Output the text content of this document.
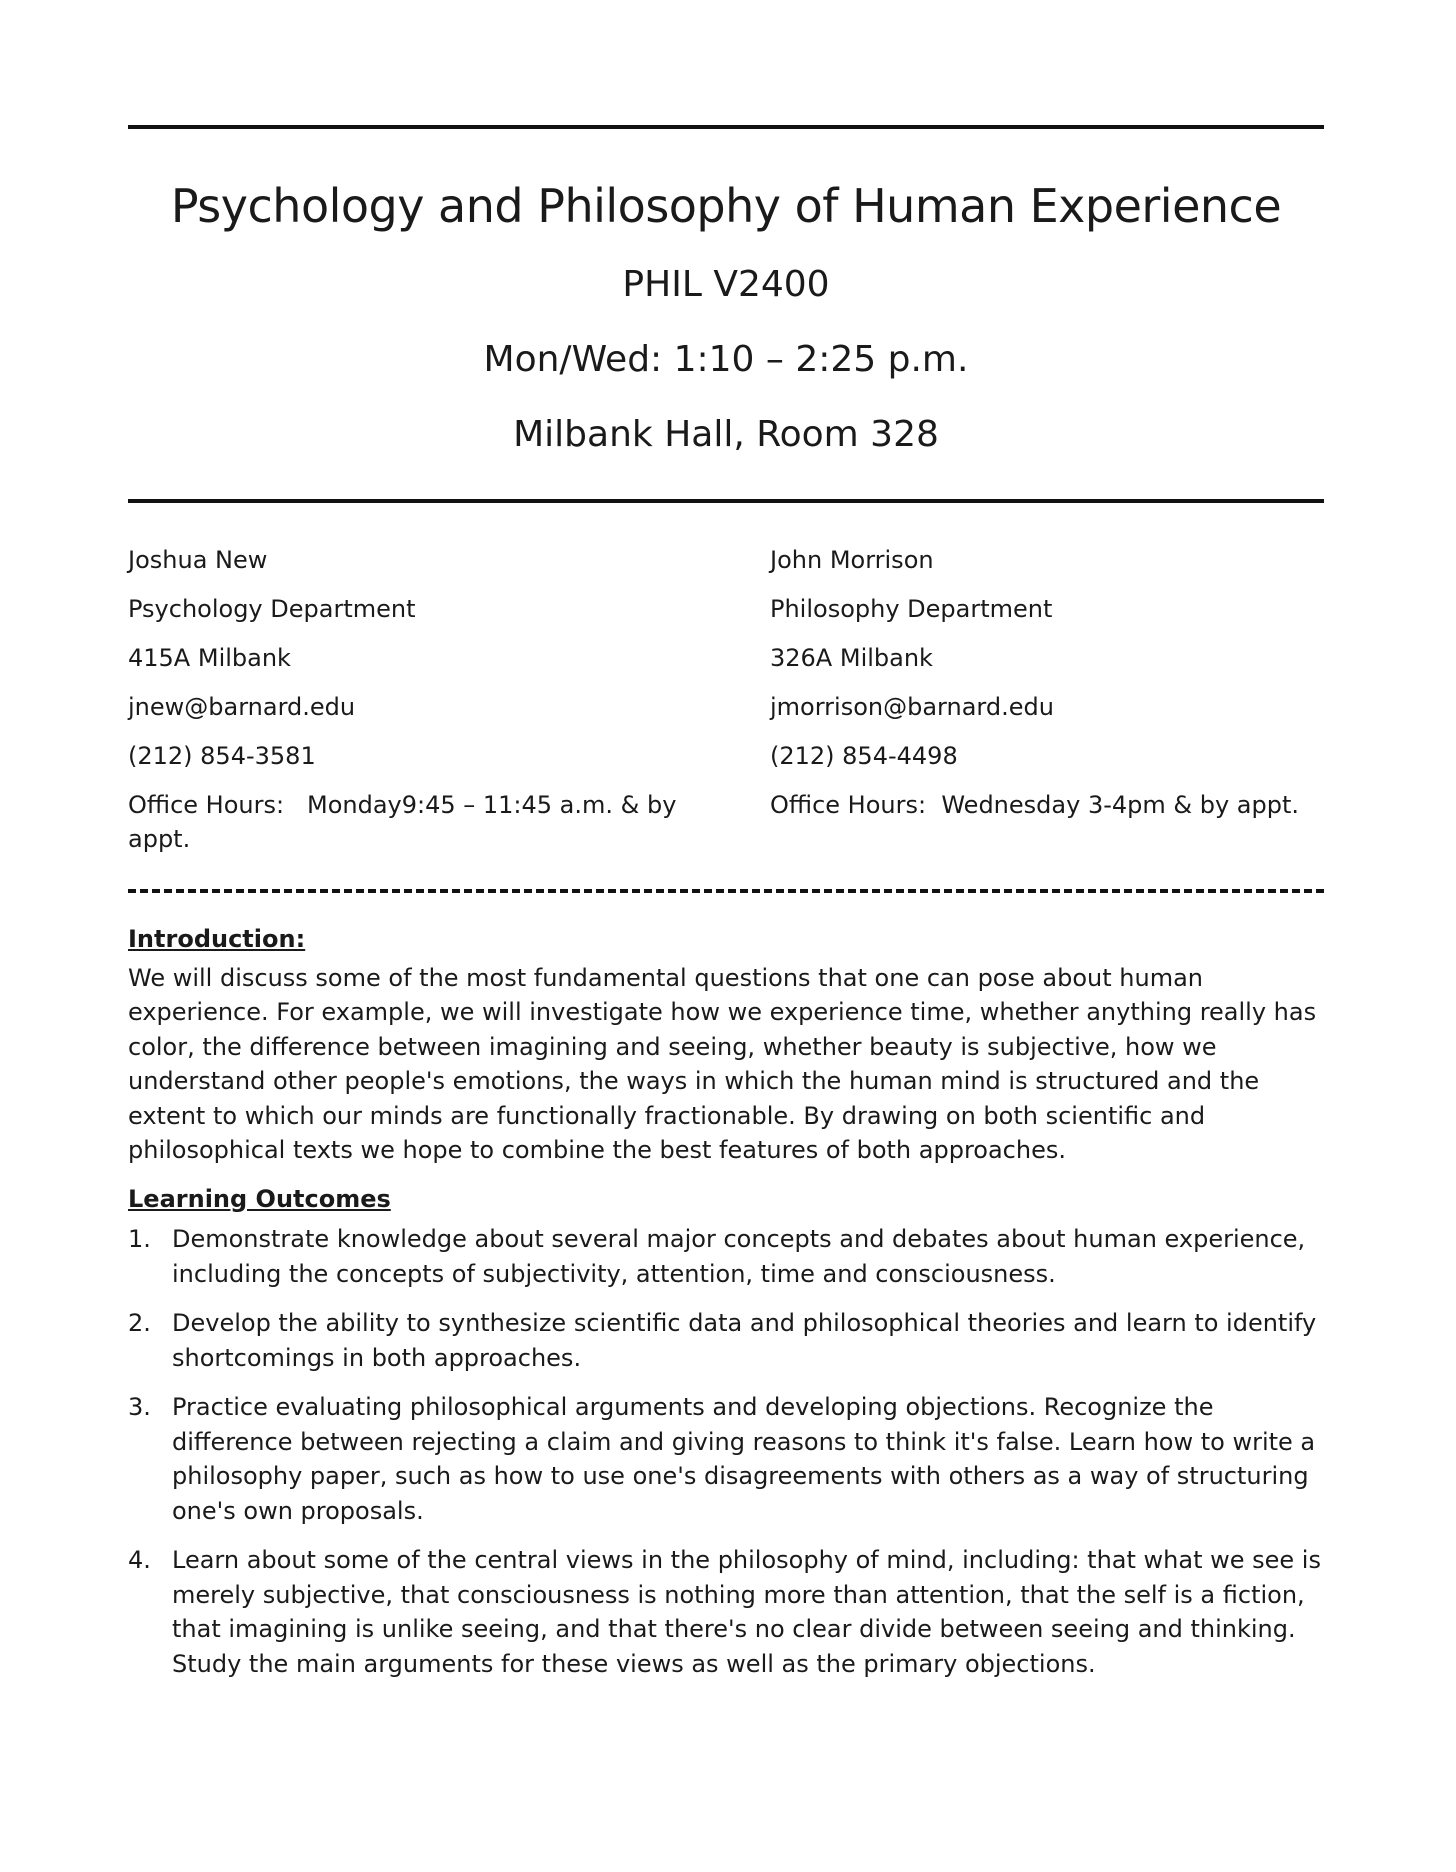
Psychology and Philosophy of Human Experience
PHIL V2400
Mon/Wed: 1:10 – 2:25 p.m.
Milbank Hall, Room 328
Joshua New
Psychology Department
415A Milbank
jnew@barnard.edu
(212) 854-3581
Office Hours: Monday9:45 – 11:45 a.m. & by appt.
John Morrison
Philosophy Department
326A Milbank
jmorrison@barnard.edu
(212) 854-4498
Office Hours: Wednesday 3-4pm & by appt.

Introduction:

We will discuss some of the most fundamental questions that one can pose about human experience. For example, we will investigate how we experience time, whether anything really has color, the difference between imagining and seeing, whether beauty is subjective, how we understand other people's emotions, the ways in which the human mind is structured and the extent to which our minds are functionally fractionable. By drawing on both scientific and philosophical texts we hope to combine the best features of both approaches.

Learning Outcomes

1. Demonstrate knowledge about several major concepts and debates about human experience, including the concepts of subjectivity, attention, time and consciousness.
2. Develop the ability to synthesize scientific data and philosophical theories and learn to identify shortcomings in both approaches.
3. Practice evaluating philosophical arguments and developing objections. Recognize the difference between rejecting a claim and giving reasons to think it's false. Learn how to write a philosophy paper, such as how to use one's disagreements with others as a way of structuring one's own proposals.
4. Learn about some of the central views in the philosophy of mind, including: that what we see is merely subjective, that consciousness is nothing more than attention, that the self is a fiction, that imagining is unlike seeing, and that there's no clear divide between seeing and thinking. Study the main arguments for these views as well as the primary objections.
